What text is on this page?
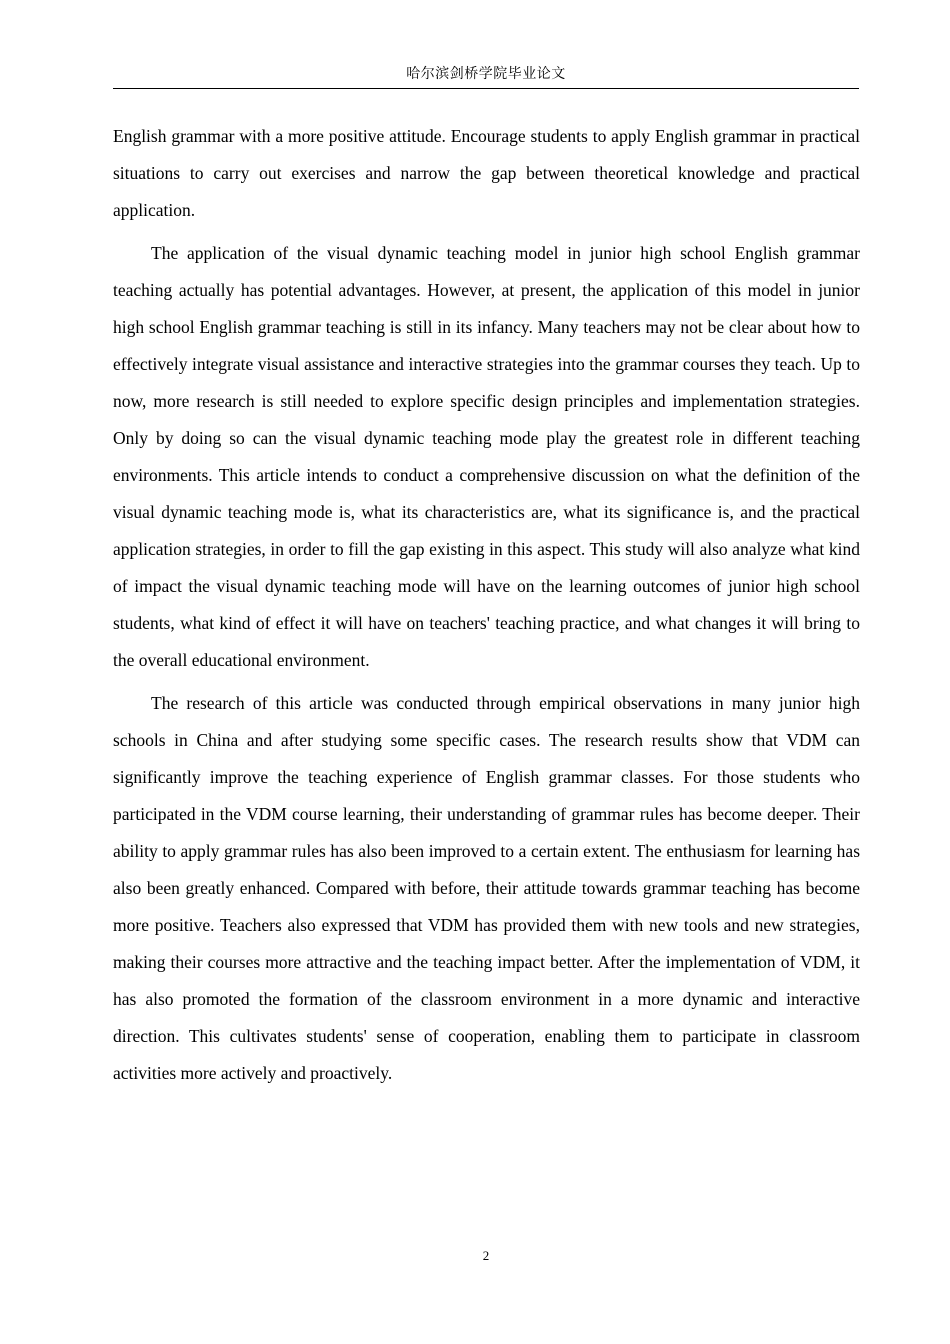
哈尔滨剑桥学院毕业论文

English grammar with a more positive attitude. Encourage students to apply English grammar in practical situations to carry out exercises and narrow the gap between theoretical knowledge and practical application.

The application of the visual dynamic teaching model in junior high school English grammar teaching actually has potential advantages. However, at present, the application of this model in junior high school English grammar teaching is still in its infancy. Many teachers may not be clear about how to effectively integrate visual assistance and interactive strategies into the grammar courses they teach. Up to now, more research is still needed to explore specific design principles and implementation strategies. Only by doing so can the visual dynamic teaching mode play the greatest role in different teaching environments. This article intends to conduct a comprehensive discussion on what the definition of the visual dynamic teaching mode is, what its characteristics are, what its significance is, and the practical application strategies, in order to fill the gap existing in this aspect. This study will also analyze what kind of impact the visual dynamic teaching mode will have on the learning outcomes of junior high school students, what kind of effect it will have on teachers' teaching practice, and what changes it will bring to the overall educational environment.

The research of this article was conducted through empirical observations in many junior high schools in China and after studying some specific cases. The research results show that VDM can significantly improve the teaching experience of English grammar classes. For those students who participated in the VDM course learning, their understanding of grammar rules has become deeper. Their ability to apply grammar rules has also been improved to a certain extent. The enthusiasm for learning has also been greatly enhanced. Compared with before, their attitude towards grammar teaching has become more positive. Teachers also expressed that VDM has provided them with new tools and new strategies, making their courses more attractive and the teaching impact better. After the implementation of VDM, it has also promoted the formation of the classroom environment in a more dynamic and interactive direction. This cultivates students' sense of cooperation, enabling them to participate in classroom activities more actively and proactively.

2
